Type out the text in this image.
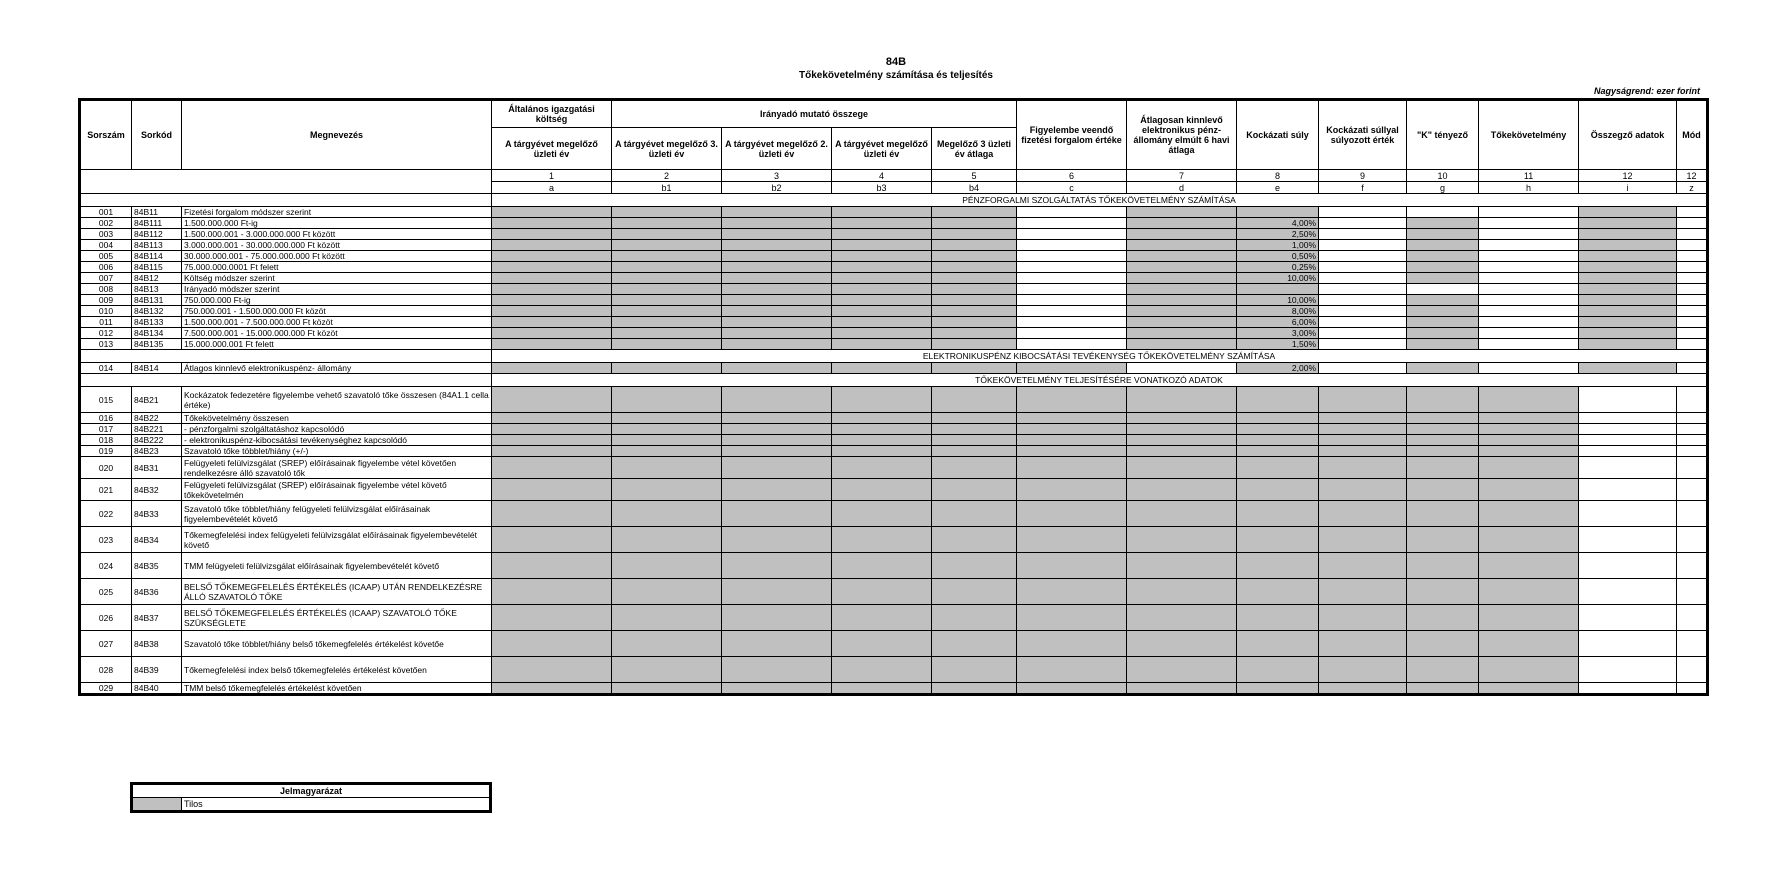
84B
Tőkekövetelmény számítása és teljesítés
Nagyságrend: ezer forint
Sorszám	Sorkód	Megnevezés	Általános igazgatási költség	Irányadó mutató összege				Figyelembe veendő fizetési forgalom értéke	Átlagosan kinnlevő elektronikus pénz-állomány elmúlt 6 havi átlaga	Kockázati súly	Kockázati súllyal súlyozott érték	"K" tényező	Tőkekövetelmény	Összegző adatok	Mód
			A tárgyévet megelőző üzleti év	A tárgyévet megelőző 3. üzleti év	A tárgyévet megelőző 2. üzleti év	A tárgyévet megelőző üzleti év	Megelőző 3 üzleti év átlaga								
			1	2	3	4	5	6	7	8	9	10	11	12	12
			a	b1	b2	b3	b4	c	d	e	f	g	h	i	z
			PÉNZFORGALMI SZOLGÁLTATÁS TŐKEKÖVETELMÉNY SZÁMÍTÁSA												
001	84B11	Fizetési forgalom módszer szerint													
002	84B111	1.500.000.000 Ft-ig								4,00%					
003	84B112	1.500.000.001 - 3.000.000.000 Ft között								2,50%					
004	84B113	3.000.000.001 - 30.000.000.000 Ft között								1,00%					
005	84B114	30.000.000.001 - 75.000.000.000 Ft között								0,50%					
006	84B115	75.000.000.0001 Ft felett								0,25%					
007	84B12	Költség módszer szerint								10,00%					
008	84B13	Irányadó módszer szerint													
009	84B131	750.000.000 Ft-ig								10,00%					
010	84B132	750.000.001 - 1.500.000.000 Ft közöt								8,00%					
011	84B133	1.500.000.001 - 7.500.000.000 Ft közöt								6,00%					
012	84B134	7.500.000.001 - 15.000.000.000 Ft közöt								3,00%					
013	84B135	15.000.000.001 Ft felett								1,50%					
			ELEKTRONIKUSPÉNZ KIBOCSÁTÁSI TEVÉKENYSÉG TŐKEKÖVETELMÉNY SZÁMÍTÁSA												
014	84B14	Átlagos kinnlevő elektronikuspénz- állomány								2,00%					
			TŐKEKÖVETELMÉNY TELJESÍTÉSÉRE VONATKOZÓ ADATOK												
015	84B21	Kockázatok fedezetére figyelembe vehető szavatoló tőke összesen (84A1.1 cella értéke)													
016	84B22	Tőkekövetelmény összesen													
017	84B221	- pénzforgalmi szolgáltatáshoz kapcsolódó													
018	84B222	- elektronikuspénz-kibocsátási tevékenységhez kapcsolódó													
019	84B23	Szavatoló tőke többlet/hiány (+/-)													
020	84B31	Felügyeleti felülvizsgálat (SREP) előírásainak figyelembe vétel követően rendelkezésre álló szavatoló tők													
021	84B32	Felügyeleti felülvizsgálat (SREP) előírásainak figyelembe vétel követő tőkekövetelmén													
022	84B33	Szavatoló tőke többlet/hiány felügyeleti felülvizsgálat előírásainak figyelembevételét követő													
023	84B34	Tőkemegfelelési index felügyeleti felülvizsgálat előírásainak figyelembevételét követő													
024	84B35	TMM felügyeleti felülvizsgálat előírásainak figyelembevételét követő													
025	84B36	BELSŐ TŐKEMEGFELELÉS ÉRTÉKELÉS (ICAAP) UTÁN RENDELKEZÉSRE ÁLLÓ SZAVATOLÓ TŐKE													
026	84B37	BELSŐ TŐKEMEGFELELÉS ÉRTÉKELÉS (ICAAP) SZAVATOLÓ TŐKE SZÜKSÉGLETE													
027	84B38	Szavatoló tőke többlet/hiány belső tőkemegfelelés értékelést követőe													
028	84B39	Tőkemegfelelési index belső tőkemegfelelés értékelést követően													
029	84B40	TMM belső tőkemegfelelés értékelést követően													
Jelmagyarázat
	Tilos
